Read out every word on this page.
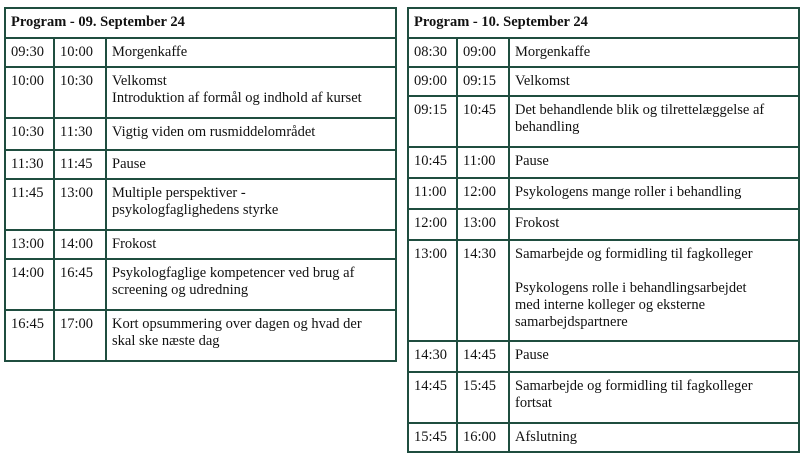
Program - 09. September 24		
09:30	10:00	Morgenkaffe

10:00	10:30	Velkomst
Introduktion af formål og indhold af kurset

10:30	11:30	Vigtig viden om rusmiddelområdet

11:30	11:45	Pause

11:45	13:00	Multiple perspektiver -
psykologfaglighedens styrke

13:00	14:00	Frokost

14:00	16:45	Psykologfaglige kompetencer ved brug af
screening og udredning

16:45	17:00	Kort opsummering over dagen og hvad der
skal ske næste dag
Program - 10. September 24		
08:30	09:00	Morgenkaffe

09:00	09:15	Velkomst

09:15	10:45	Det behandlende blik og tilrettelæggelse af
behandling

10:45	11:00	Pause

11:00	12:00	Psykologens mange roller i behandling

12:00	13:00	Frokost

13:00	14:30	Samarbejde og formidling til fagkolleger
Psykologens rolle i behandlingsarbejdet
med interne kolleger og eksterne
samarbejdspartnere

14:30	14:45	Pause

14:45	15:45	Samarbejde og formidling til fagkolleger
fortsat

15:45	16:00	Afslutning
